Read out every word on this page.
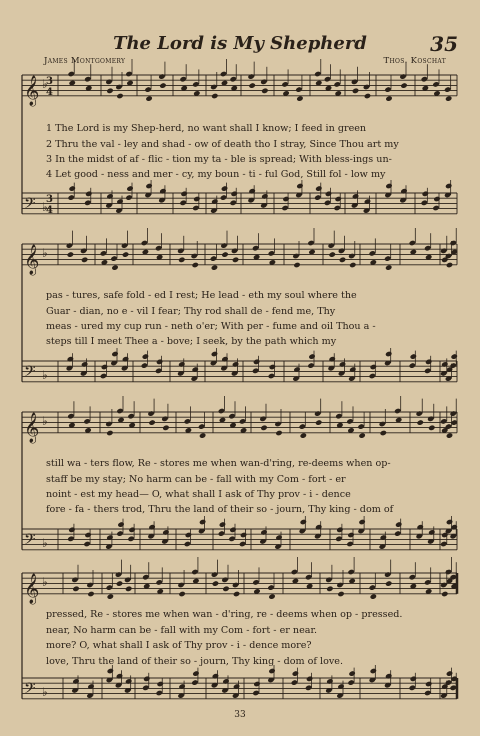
The Lord is My Shepherd	35
James Montgomery	Thos. Koschat
𝄞 ♭
𝄢 ♭
3
4
3
4
𝄞 ♭
𝄢 ♭
𝄞 ♭
𝄢 ♭
𝄞 ♭
𝄢 ♭
1 The Lord is my Shep-herd, no want shall I know; I feed in green
2 Thru the val - ley and shad - ow of death tho I stray, Since Thou art my
3 In the midst of af - flic - tion my ta - ble is spread; With bless-ings un-
4 Let good - ness and mer - cy, my boun - ti - ful God, Still fol - low my
pas - tures, safe fold - ed I rest; He lead - eth my soul where the
Guar - dian, no e - vil I fear; Thy rod shall de - fend me, Thy
meas - ured my cup run - neth o'er; With per - fume and oil Thou a -
steps till I meet Thee a - bove; I seek, by the path which my
still wa - ters flow, Re - stores me when wan-d'ring, re-deems when op-
staff be my stay; No harm can be - fall with my Com - fort - er
noint - est my head— O, what shall I ask of Thy prov - i - dence
fore - fa - thers trod, Thru the land of their so - journ, Thy king - dom of
pressed, Re - stores me when wan - d'ring, re - deems when op - pressed.
near, No harm can be - fall with my Com - fort - er near.
more? O, what shall I ask of Thy prov - i - dence more?
love, Thru the land of their so - journ, Thy king - dom of love.
33
